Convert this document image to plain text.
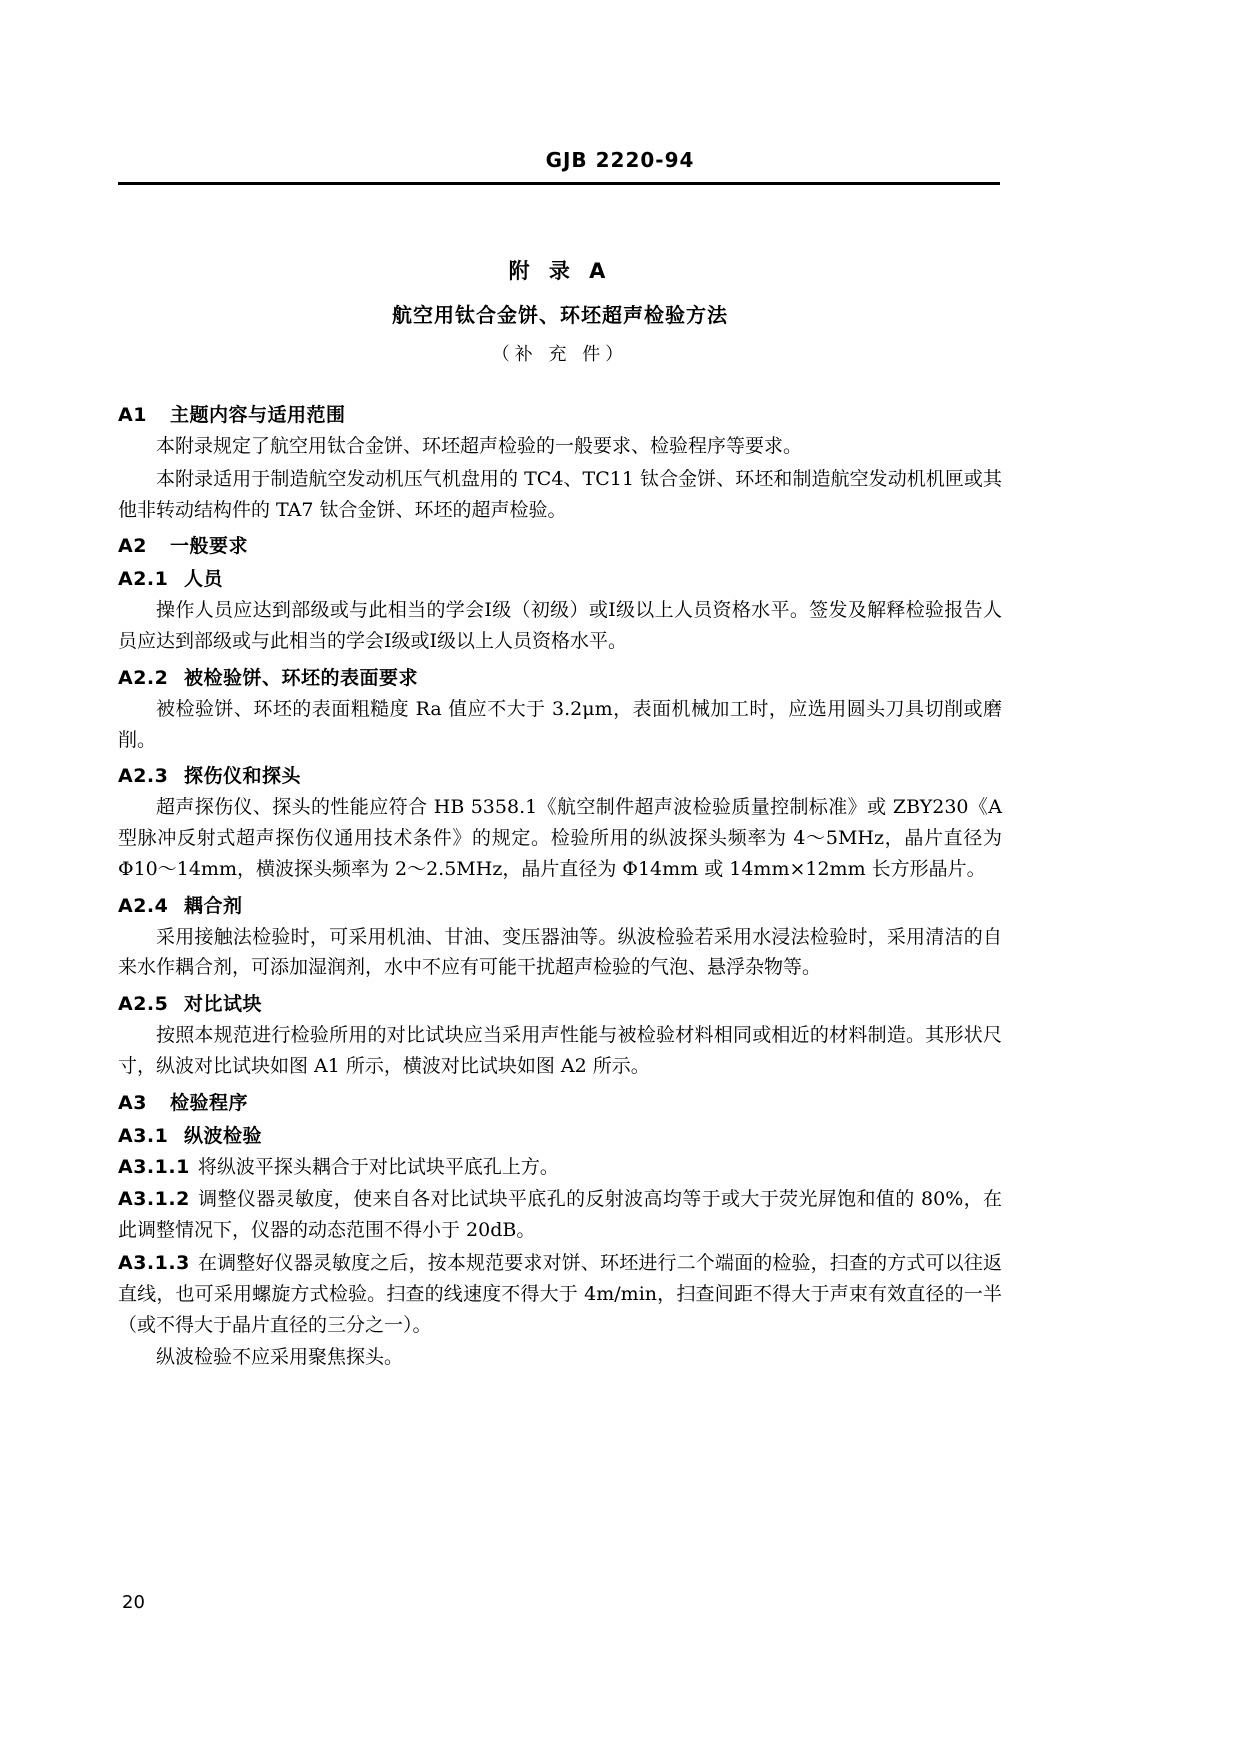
GJB 2220-94
附 录 A
航空用钛合金饼、环坯超声检验方法
（补 充 件）
A1 主题内容与适用范围

本附录规定了航空用钛合金饼、环坯超声检验的一般要求、检验程序等要求。

本附录适用于制造航空发动机压气机盘用的 TC4、TC11 钛合金饼、环坯和制造航空发动机机匣或其他非转动结构件的 TA7 钛合金饼、环坯的超声检验。

A2 一般要求
A2.1 人员

操作人员应达到部级或与此相当的学会Ⅰ级（初级）或Ⅰ级以上人员资格水平。签发及解释检验报告人员应达到部级或与此相当的学会Ⅰ级或Ⅰ级以上人员资格水平。

A2.2 被检验饼、环坯的表面要求

被检验饼、环坯的表面粗糙度 Ra 值应不大于 3.2μm，表面机械加工时，应选用圆头刀具切削或磨削。

A2.3 探伤仪和探头

超声探伤仪、探头的性能应符合 HB 5358.1《航空制件超声波检验质量控制标准》或 ZBY230《A 型脉冲反射式超声探伤仪通用技术条件》的规定。检验所用的纵波探头频率为 4～5MHz，晶片直径为 Φ10～14mm，横波探头频率为 2～2.5MHz，晶片直径为 Φ14mm 或 14mm×12mm 长方形晶片。

A2.4 耦合剂

采用接触法检验时，可采用机油、甘油、变压器油等。纵波检验若采用水浸法检验时，采用清洁的自来水作耦合剂，可添加湿润剂，水中不应有可能干扰超声检验的气泡、悬浮杂物等。

A2.5 对比试块

按照本规范进行检验所用的对比试块应当采用声性能与被检验材料相同或相近的材料制造。其形状尺寸，纵波对比试块如图 A1 所示，横波对比试块如图 A2 所示。

A3 检验程序
A3.1 纵波检验

A3.1.1 将纵波平探头耦合于对比试块平底孔上方。

A3.1.2 调整仪器灵敏度，使来自各对比试块平底孔的反射波高均等于或大于荧光屏饱和值的 80%，在此调整情况下，仪器的动态范围不得小于 20dB。

A3.1.3 在调整好仪器灵敏度之后，按本规范要求对饼、环坯进行二个端面的检验，扫查的方式可以往返直线，也可采用螺旋方式检验。扫查的线速度不得大于 4m/min，扫查间距不得大于声束有效直径的一半（或不得大于晶片直径的三分之一）。

纵波检验不应采用聚焦探头。

20
